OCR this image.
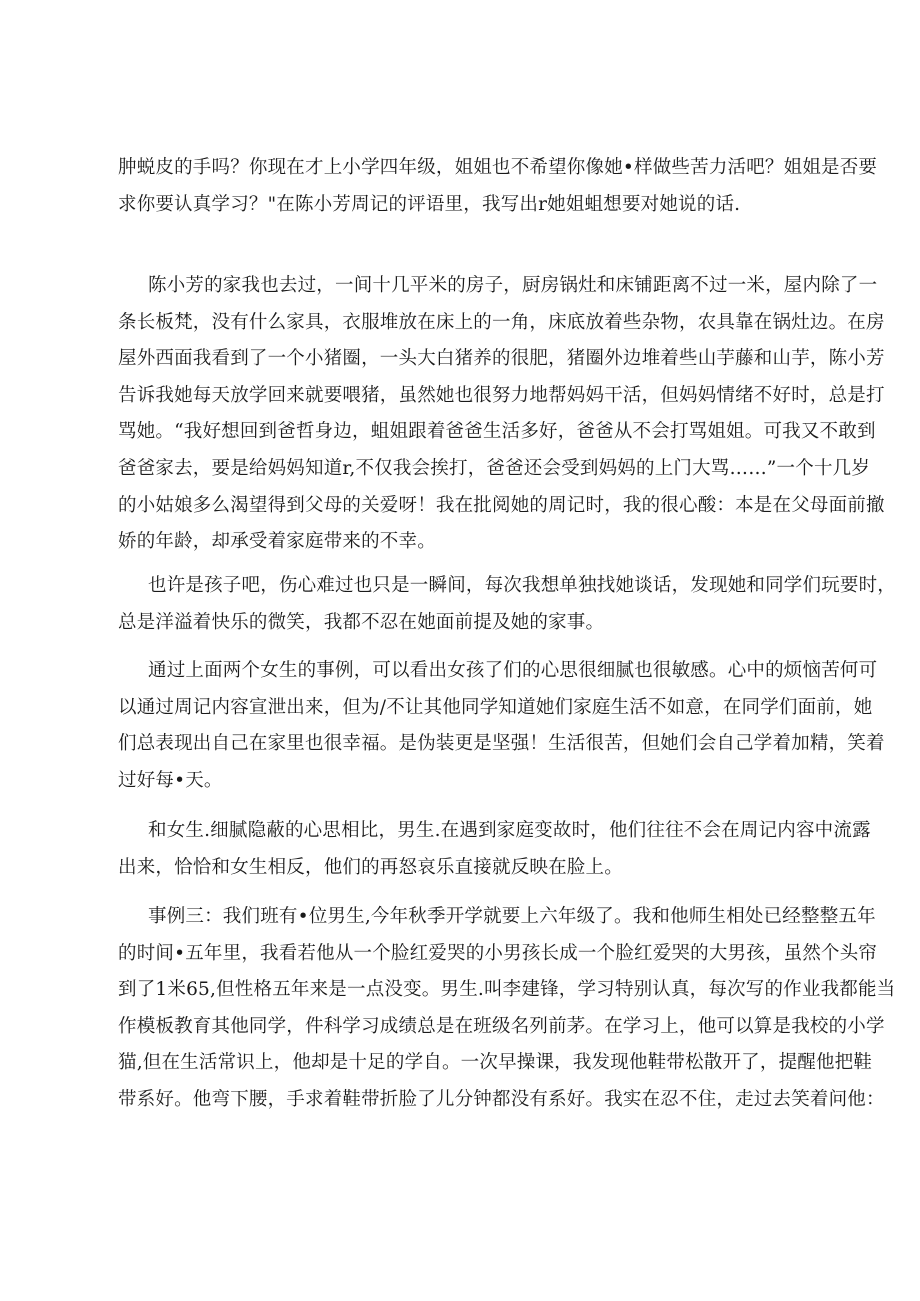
肿蜕皮的手吗？你现在才上小学四年级，姐姐也不希望你像她•样做些苦力活吧？姐姐是否要
求你要认真学习？"在陈小芳周记的评语里，我写出r她姐蛆想要对她说的话.

陈小芳的家我也去过，一间十几平米的房子，厨房锅灶和床铺距离不过一米，屋内除了一
条长板梵，没有什么家具，衣服堆放在床上的一角，床底放着些杂物，农具靠在锅灶边。在房
屋外西面我看到了一个小猪圈，一头大白猪养的很肥，猪圈外边堆着些山芋藤和山芋，陈小芳
告诉我她每天放学回来就要喂猪，虽然她也很努力地帮妈妈干活，但妈妈情绪不好时，总是打
骂她。“我好想回到爸哲身边，蛆姐跟着爸爸生活多好，爸爸从不会打骂姐姐。可我又不敢到
爸爸家去，要是给妈妈知道r,不仅我会挨打，爸爸还会受到妈妈的上门大骂……”一个十几岁
的小姑娘多么渴望得到父母的关爱呀！我在批阅她的周记时，我的很心酸：本是在父母面前撤
娇的年龄，却承受着家庭带来的不幸。

也许是孩子吧，伤心难过也只是一瞬间，每次我想单独找她谈话，发现她和同学们玩要时，
总是洋溢着快乐的微笑，我都不忍在她面前提及她的家事。

通过上面两个女生的事例，可以看出女孩了们的心思很细腻也很敏感。心中的烦恼苦何可
以通过周记内容宣泄出来，但为/不让其他同学知道她们家庭生活不如意，在同学们面前，她
们总表现出自己在家里也很幸福。是伪装更是坚强！生活很苦，但她们会自己学着加精，笑着
过好每•天。

和女生.细腻隐蔽的心思相比，男生.在遇到家庭变故时，他们往往不会在周记内容中流露
出来，恰恰和女生相反，他们的再怒哀乐直接就反映在脸上。

事例三：我们班有•位男生,今年秋季开学就要上六年级了。我和他师生相处已经整整五年
的时间•五年里，我看若他从一个脸红爱哭的小男孩长成一个脸红爱哭的大男孩，虽然个头帘
到了1米65,但性格五年来是一点没变。男生.叫李建锋，学习特别认真，每次写的作业我都能当
作模板教育其他同学，件科学习成绩总是在班级名列前茅。在学习上，他可以算是我校的小学
猫,但在生活常识上，他却是十足的学自。一次早操课，我发现他鞋带松散开了，提醒他把鞋
带系好。他弯下腰，手求着鞋带折脸了儿分钟都没有系好。我实在忍不住，走过去笑着问他：
